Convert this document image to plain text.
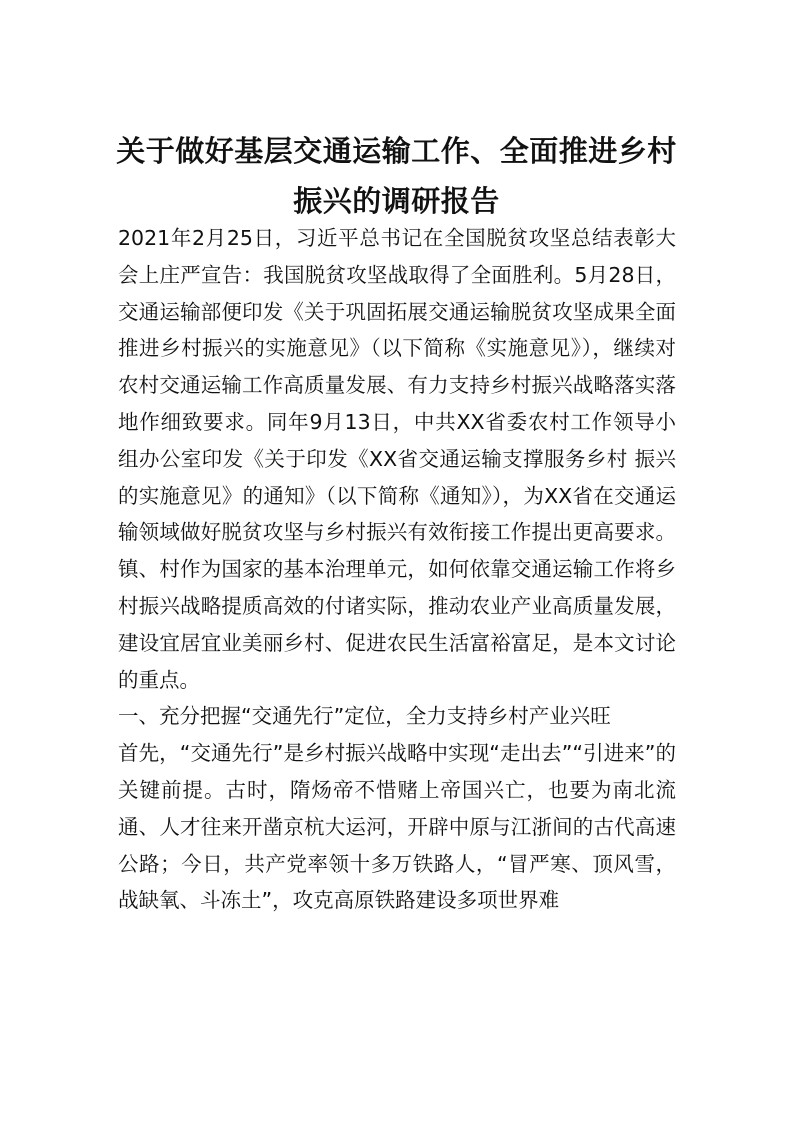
关于做好基层交通运输工作、全面推进乡村振兴的调研报告

2021年2月25日，习近平总书记在全国脱贫攻坚总结表彰大会上庄严宣告：我国脱贫攻坚战取得了全面胜利。5月28日，交通运输部便印发《关于巩固拓展交通运输脱贫攻坚成果全面推进乡村振兴的实施意见》（以下简称《实施意见》），继续对农村交通运输工作高质量发展、有力支持乡村振兴战略落实落地作细致要求。同年9月13日，中共XX省委农村工作领导小组办公室印发《关于印发《XX省交通运输支撑服务乡村 振兴的实施意见》的通知》（以下简称《通知》），为XX省在交通运输领域做好脱贫攻坚与乡村振兴有效衔接工作提出更高要求。镇、村作为国家的基本治理单元，如何依靠交通运输工作将乡村振兴战略提质高效的付诸实际，推动农业产业高质量发展，建设宜居宜业美丽乡村、促进农民生活富裕富足，是本文讨论的重点。

一、充分把握“交通先行”定位，全力支持乡村产业兴旺

首先，“交通先行”是乡村振兴战略中实现“走出去”“引进来”的关键前提。古时，隋炀帝不惜赌上帝国兴亡，也要为南北流通、人才往来开凿京杭大运河，开辟中原与江浙间的古代高速公路；今日，共产党率领十多万铁路人，“冒严寒、顶风雪，战缺氧、斗冻土”，攻克高原铁路建设多项世界难
